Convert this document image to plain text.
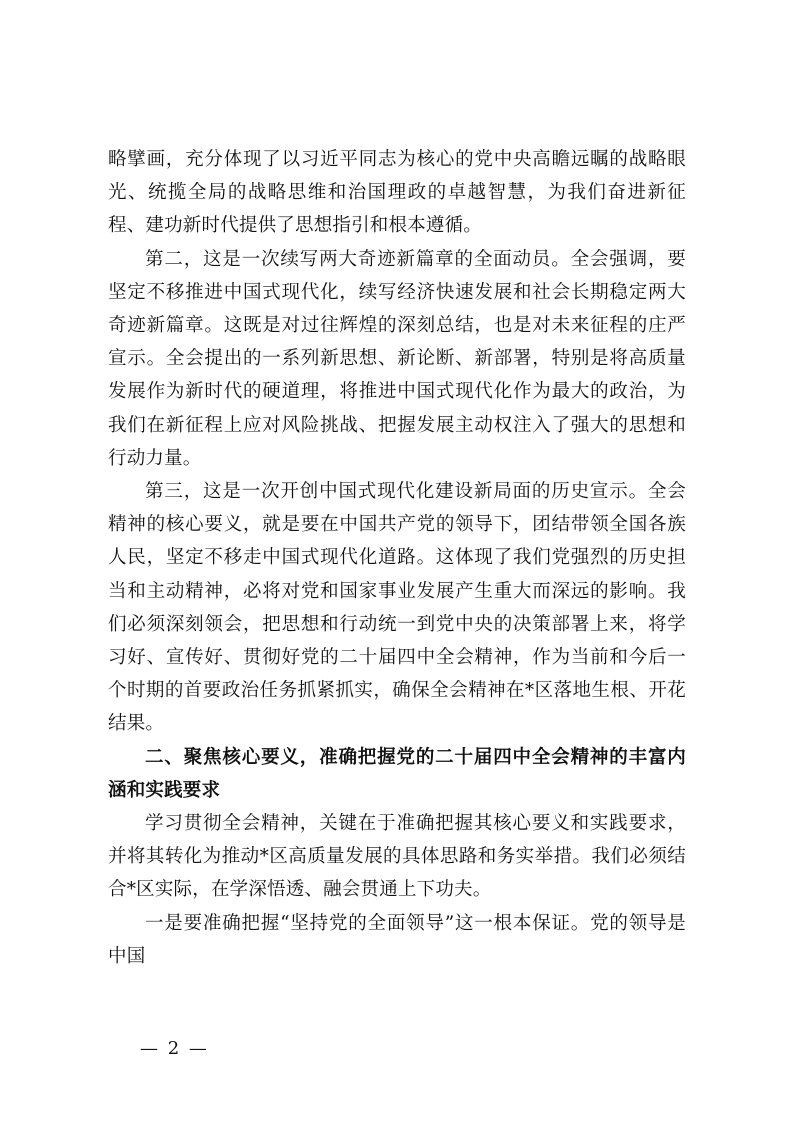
略擘画，充分体现了以习近平同志为核心的党中央高瞻远瞩的战略眼光、统揽全局的战略思维和治国理政的卓越智慧，为我们奋进新征程、建功新时代提供了思想指引和根本遵循。

第二，这是一次续写两大奇迹新篇章的全面动员。全会强调，要坚定不移推进中国式现代化，续写经济快速发展和社会长期稳定两大奇迹新篇章。这既是对过往辉煌的深刻总结，也是对未来征程的庄严宣示。全会提出的一系列新思想、新论断、新部署，特别是将高质量发展作为新时代的硬道理，将推进中国式现代化作为最大的政治，为我们在新征程上应对风险挑战、把握发展主动权注入了强大的思想和行动力量。

第三，这是一次开创中国式现代化建设新局面的历史宣示。全会精神的核心要义，就是要在中国共产党的领导下，团结带领全国各族人民，坚定不移走中国式现代化道路。这体现了我们党强烈的历史担当和主动精神，必将对党和国家事业发展产生重大而深远的影响。我们必须深刻领会，把思想和行动统一到党中央的决策部署上来，将学习好、宣传好、贯彻好党的二十届四中全会精神，作为当前和今后一个时期的首要政治任务抓紧抓实，确保全会精神在*区落地生根、开花结果。

二、聚焦核心要义，准确把握党的二十届四中全会精神的丰富内涵和实践要求

学习贯彻全会精神，关键在于准确把握其核心要义和实践要求，并将其转化为推动*区高质量发展的具体思路和务实举措。我们必须结合*区实际，在学深悟透、融会贯通上下功夫。

一是要准确把握“坚持党的全面领导”这一根本保证。党的领导是中国

— 2 —
